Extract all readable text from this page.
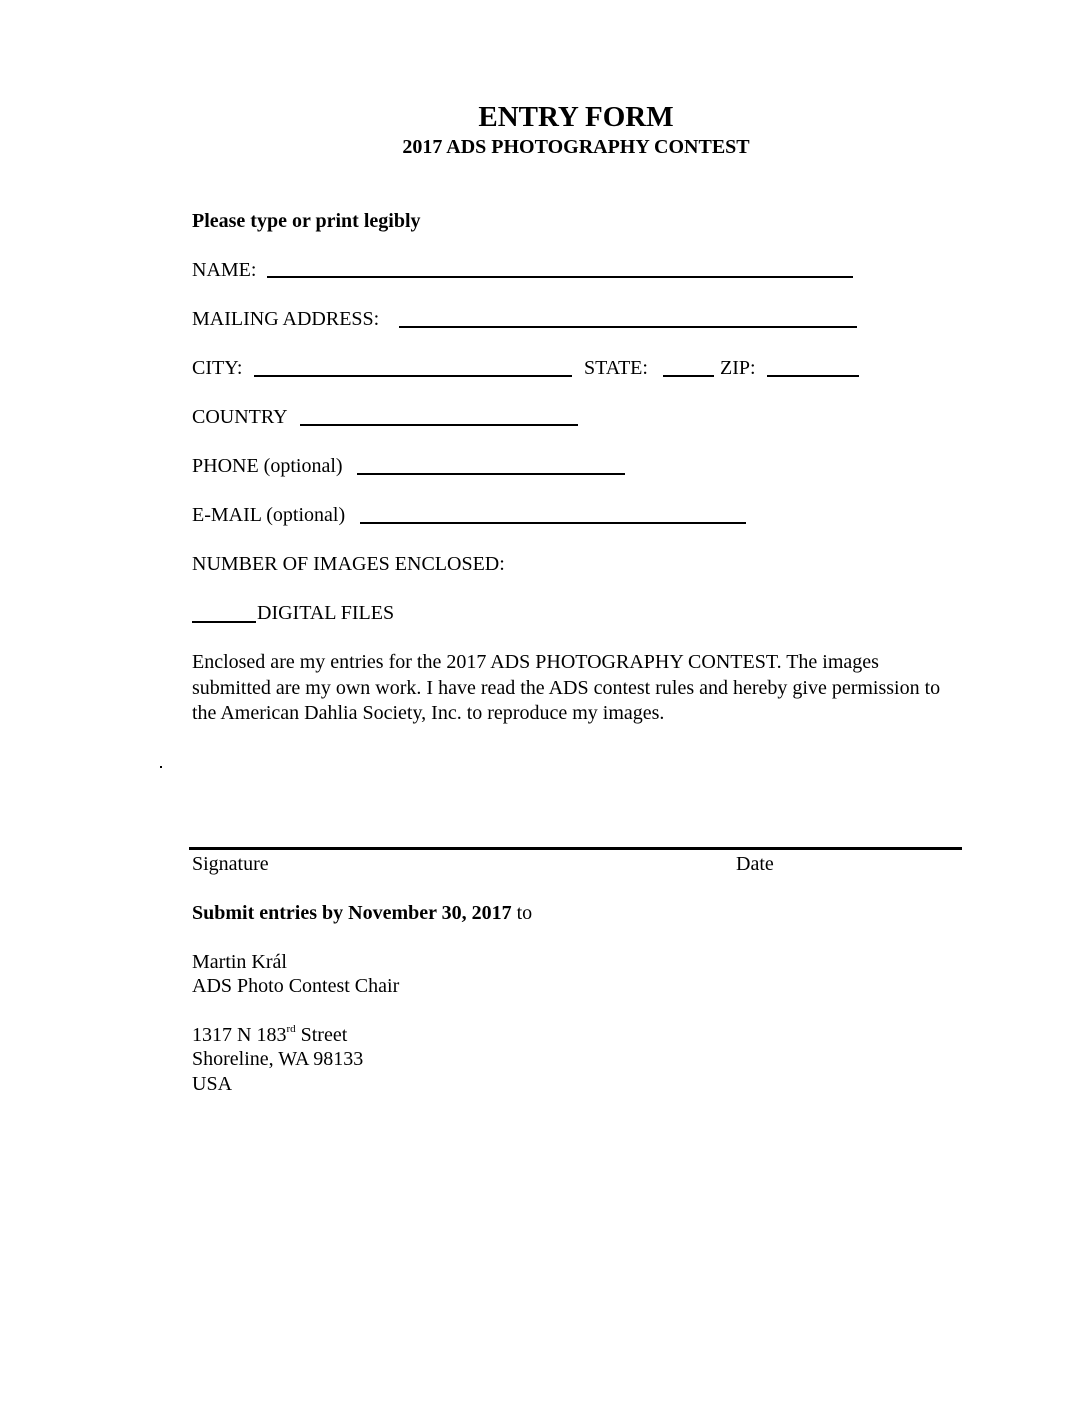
ENTRY FORM
2017 ADS PHOTOGRAPHY CONTEST
Please type or print legibly
NAME:
MAILING ADDRESS:
CITY:	STATE:	ZIP:
COUNTRY
PHONE (optional)
E-MAIL (optional)
NUMBER OF IMAGES ENCLOSED:
DIGITAL FILES
Enclosed are my entries for the 2017 ADS PHOTOGRAPHY CONTEST. The images submitted are my own work. I have read the ADS contest rules and hereby give permission to the American Dahlia Society, Inc. to reproduce my images.
Signature	Date
Submit entries by November 30, 2017 to
Martin Král
ADS Photo Contest Chair
1317 N 183rd Street
Shoreline, WA 98133
USA
